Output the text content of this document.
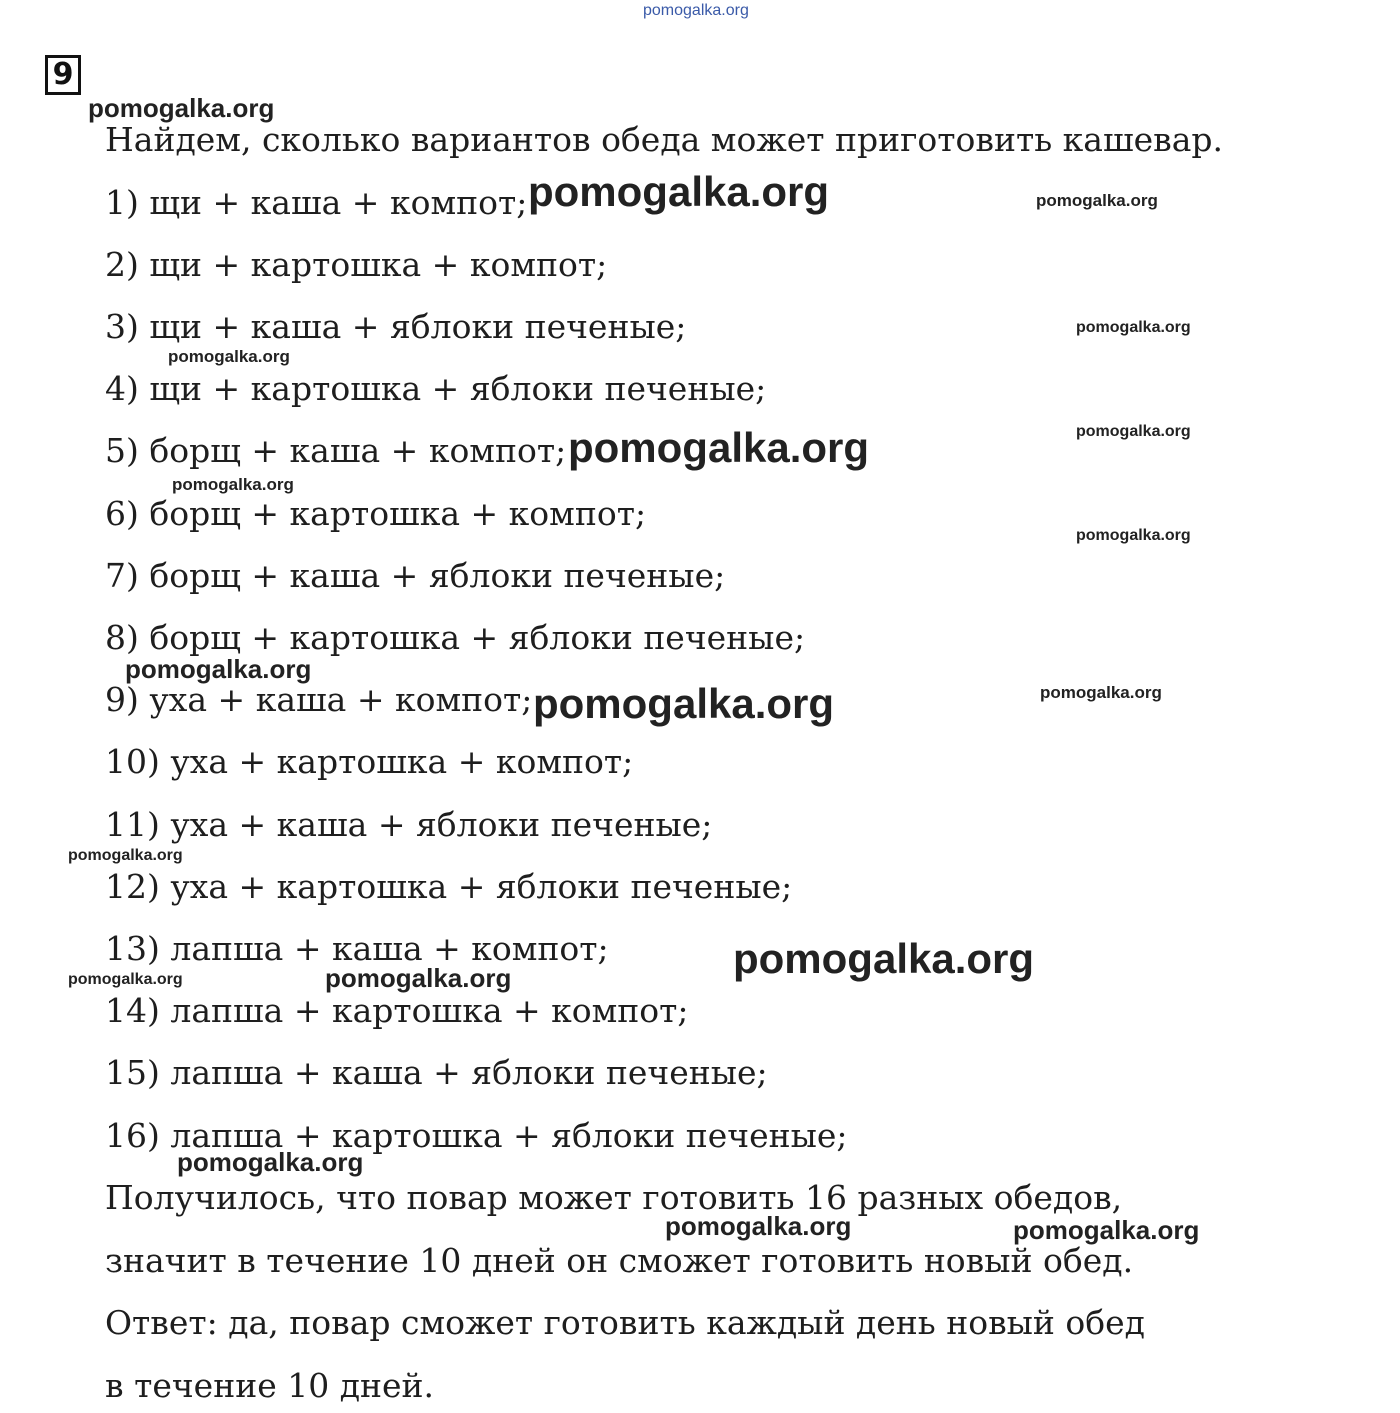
pomogalka.org
9
Найдем, сколько вариантов обеда может приготовить кашевар.
1) щи + каша + компот;
2) щи + картошка + компот;
3) щи + каша + яблоки печеные;
4) щи + картошка + яблоки печеные;
5) борщ + каша + компот;
6) борщ + картошка + компот;
7) борщ + каша + яблоки печеные;
8) борщ + картошка + яблоки печеные;
9) уха + каша + компот;
10) уха + картошка + компот;
11) уха + каша + яблоки печеные;
12) уха + картошка + яблоки печеные;
13) лапша + каша + компот;
14) лапша + картошка + компот;
15) лапша + каша + яблоки печеные;
16) лапша + картошка + яблоки печеные;
Получилось, что повар может готовить 16 разных обедов,
значит в течение 10 дней он сможет готовить новый обед.
Ответ: да, повар сможет готовить каждый день новый обед
в течение 10 дней.
pomogalka.org
pomogalka.org	pomogalka.org
pomogalka.org
pomogalka.org
pomogalka.org
pomogalka.org
pomogalka.org
pomogalka.org
pomogalka.org
pomogalka.org	pomogalka.org
pomogalka.org
pomogalka.org
pomogalka.org
pomogalka.org
pomogalka.org
pomogalka.org	pomogalka.org
